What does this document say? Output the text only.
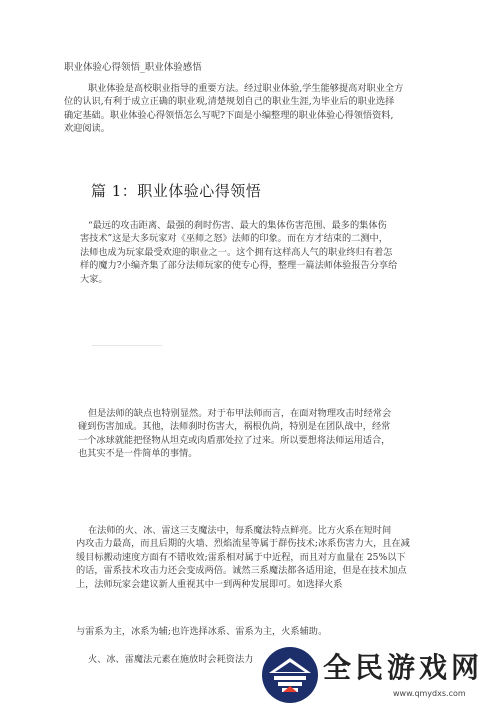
职业体验心得领悟_职业体验感悟
职业体验是高校职业指导的重要方法。经过职业体验,学生能够提高对职业全方
位的认识,有利于成立正确的职业观,清楚规划自己的职业生涯,为毕业后的职业选择
确定基础。职业体验心得领悟怎么写呢?下面是小编整理的职业体验心得领悟资料,
欢迎阅读。
篇 1：职业体验心得领悟
“最远的攻击距离、最强的刹时伤害、最大的集体伤害范围、最多的集体伤
害技术”这是大多玩家对《巫师之怒》法师的印象。而在方才结束的二测中，
法师也成为玩家最受欢迎的职业之一。这个拥有这样高人气的职业终归有着怎
样的魔力?小编齐集了部分法师玩家的使专心得，整理一篇法师体验报告分享给
大家。
但是法师的缺点也特别显然。对于布甲法师而言，在面对物理攻击时经常会
碰到伤害加成。其他，法师刹时伤害大，祸根仇尚，特别是在团队战中，经常
一个冰球就能把怪物从坦克或肉盾那处拉了过来。所以要想将法师运用适合，
也其实不是一件简单的事情。
在法师的火、冰、雷这三支魔法中，每系魔法特点鲜亮。比方火系在短时间
内攻击力最高，而且后期的火墙、烈焰流星等属于群伤技术;冰系伤害力大，且在减
缓目标搬动速度方面有不错收效;雷系相对属于中近程，而且对方血量在 25%以下
的话，雷系技术攻击力还会变成两倍。诚然三系魔法都各适用途，但是在技术加点
上，法师玩家会建议新人重视其中一到两种发展即可。如选择火系
与雷系为主，冰系为辅;也许选择冰系、雷系为主，火系辅助。
火、冰、雷魔法元素在施放时会耗资法力 全民游戏网
www.qmydxs.com
